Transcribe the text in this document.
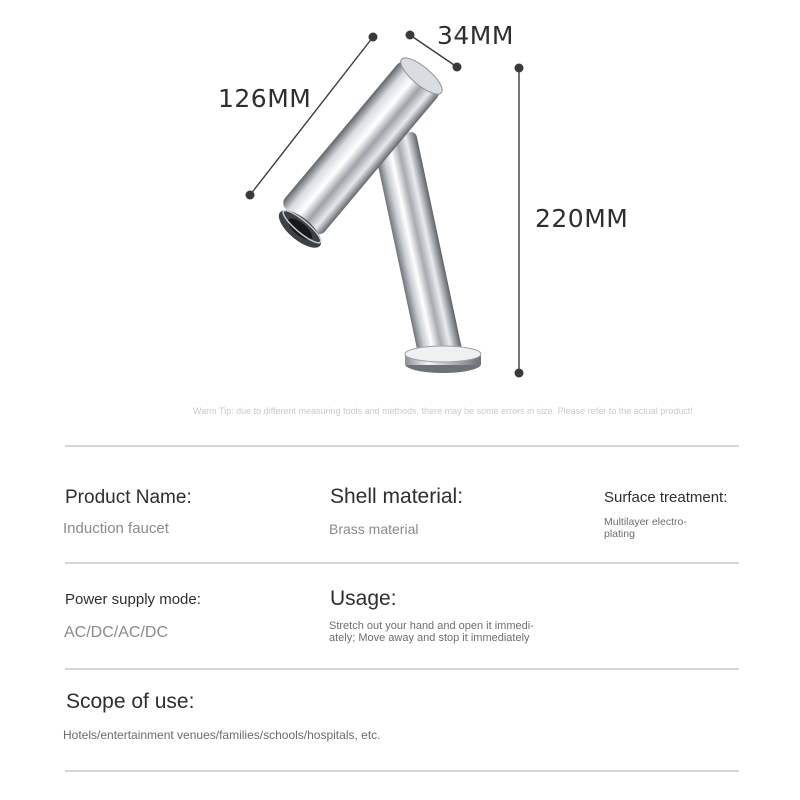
126MM
34MM
220MM
Warm Tip: due to different measuring tools and methods, there may be some errors in size. Please refer to the actual product!
Product Name:
Induction faucet
Shell material:
Brass material
Surface treatment:
Multilayer electro-
plating
Power supply mode:
AC/DC/AC/DC
Usage:
Stretch out your hand and open it immedi-
ately; Move away and stop it immediately
Scope of use:
Hotels/entertainment venues/families/schools/hospitals, etc.
